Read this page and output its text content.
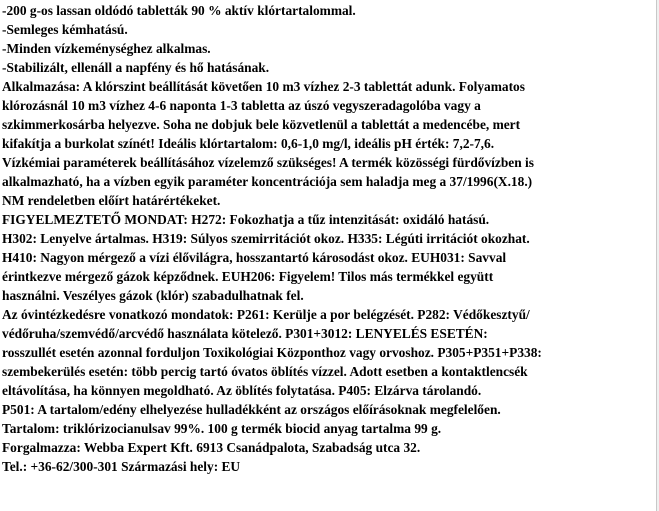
-200 g-os lassan oldódó tabletták 90 % aktív klórtartalommal.
-Semleges kémhatású.
-Minden vízkeménységhez alkalmas.
-Stabilizált, ellenáll a napfény és hő hatásának.
Alkalmazása: A klórszint beállítását követően 10 m3 vízhez 2-3 tablettát adunk. Folyamatos
klórozásnál 10 m3 vízhez 4-6 naponta 1-3 tabletta az úszó vegyszeradagolóba vagy a
szkimmerkosárba helyezve. Soha ne dobjuk bele közvetlenül a tablettát a medencébe, mert
kifakítja a burkolat színét! Ideális klórtartalom: 0,6-1,0 mg/l, ideális pH érték: 7,2-7,6.
Vízkémiai paraméterek beállításához vízelemző szükséges! A termék közösségi fürdővízben is
alkalmazható, ha a vízben egyik paraméter koncentrációja sem haladja meg a 37/1996(X.18.)
NM rendeletben előírt határértékeket.
FIGYELMEZTETŐ MONDAT: H272: Fokozhatja a tűz intenzitását: oxidáló hatású.
H302: Lenyelve ártalmas. H319: Súlyos szemirritációt okoz. H335: Légúti irritációt okozhat.
H410: Nagyon mérgező a vízi élővilágra, hosszantartó károsodást okoz. EUH031: Savval
érintkezve mérgező gázok képződnek. EUH206: Figyelem! Tilos más termékkel együtt
használni. Veszélyes gázok (klór) szabadulhatnak fel.
Az óvintézkedésre vonatkozó mondatok: P261: Kerülje a por belégzését. P282: Védőkesztyű/
védőruha/szemvédő/arcvédő használata kötelező. P301+3012: LENYELÉS ESETÉN:
rosszullét esetén azonnal forduljon Toxikológiai Központhoz vagy orvoshoz. P305+P351+P338:
szembekerülés esetén: több percig tartó óvatos öblítés vízzel. Adott esetben a kontaktlencsék
eltávolítása, ha könnyen megoldható. Az öblítés folytatása. P405: Elzárva tárolandó.
P501: A tartalom/edény elhelyezése hulladékként az országos előírásoknak megfelelően.
Tartalom: triklórizocianulsav 99%. 100 g termék biocid anyag tartalma 99 g.
Forgalmazza: Webba Expert Kft. 6913 Csanádpalota, Szabadság utca 32.
Tel.: +36-62/300-301 Származási hely: EU
